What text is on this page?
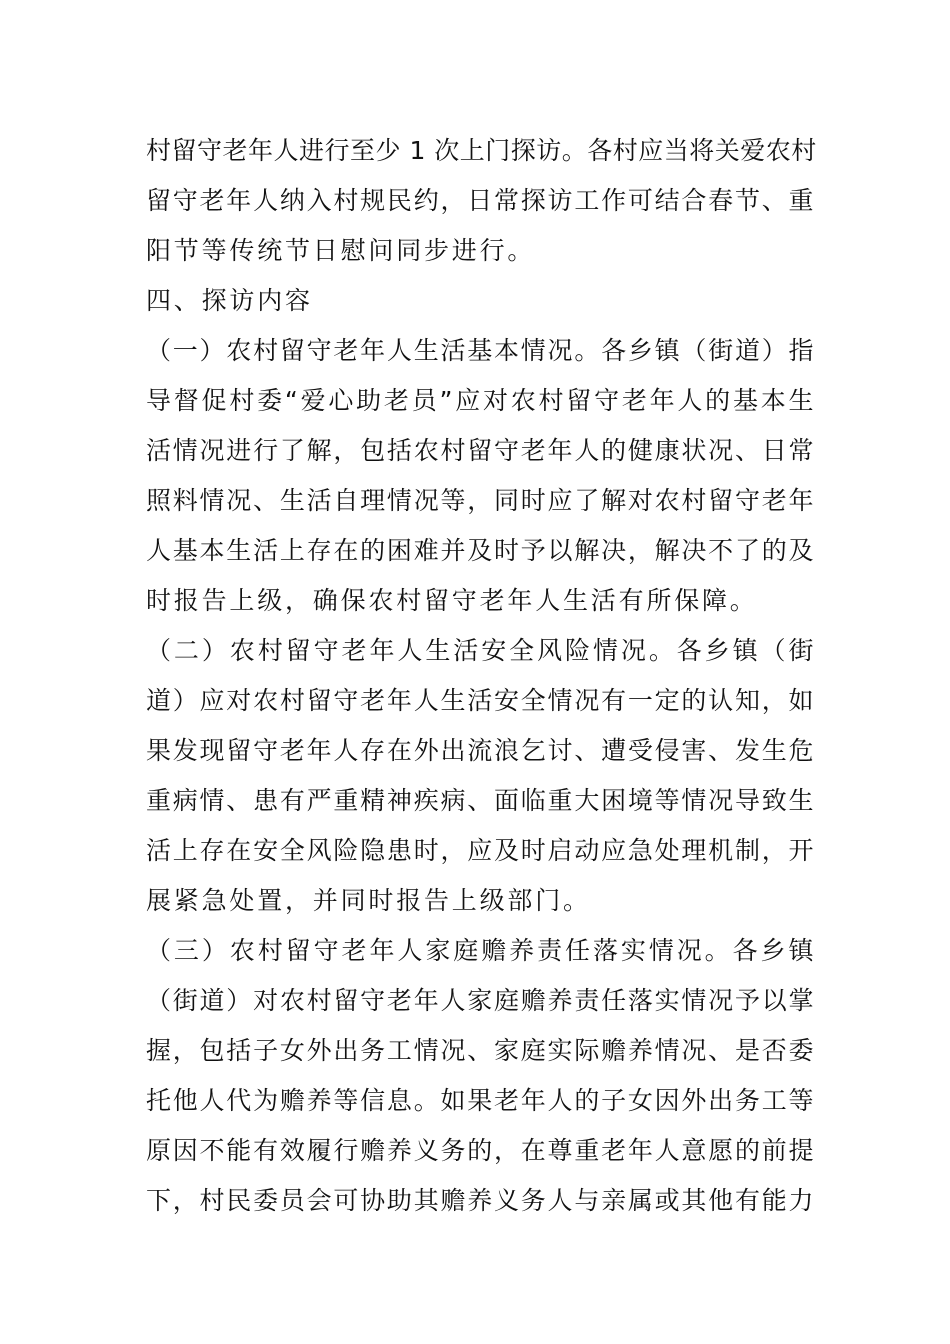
村留守老年人进行至少 1 次上门探访。各村应当将关爱农村
留守老年人纳入村规民约，日常探访工作可结合春节、重
阳节等传统节日慰问同步进行。
四、探访内容
（一）农村留守老年人生活基本情况。各乡镇（街道）指
导督促村委“爱心助老员”应对农村留守老年人的基本生
活情况进行了解，包括农村留守老年人的健康状况、日常
照料情况、生活自理情况等，同时应了解对农村留守老年
人基本生活上存在的困难并及时予以解决，解决不了的及
时报告上级，确保农村留守老年人生活有所保障。
（二）农村留守老年人生活安全风险情况。各乡镇（街
道）应对农村留守老年人生活安全情况有一定的认知，如
果发现留守老年人存在外出流浪乞讨、遭受侵害、发生危
重病情、患有严重精神疾病、面临重大困境等情况导致生
活上存在安全风险隐患时，应及时启动应急处理机制，开
展紧急处置，并同时报告上级部门。
（三）农村留守老年人家庭赡养责任落实情况。各乡镇
（街道）对农村留守老年人家庭赡养责任落实情况予以掌
握，包括子女外出务工情况、家庭实际赡养情况、是否委
托他人代为赡养等信息。如果老年人的子女因外出务工等
原因不能有效履行赡养义务的，在尊重老年人意愿的前提
下，村民委员会可协助其赡养义务人与亲属或其他有能力
